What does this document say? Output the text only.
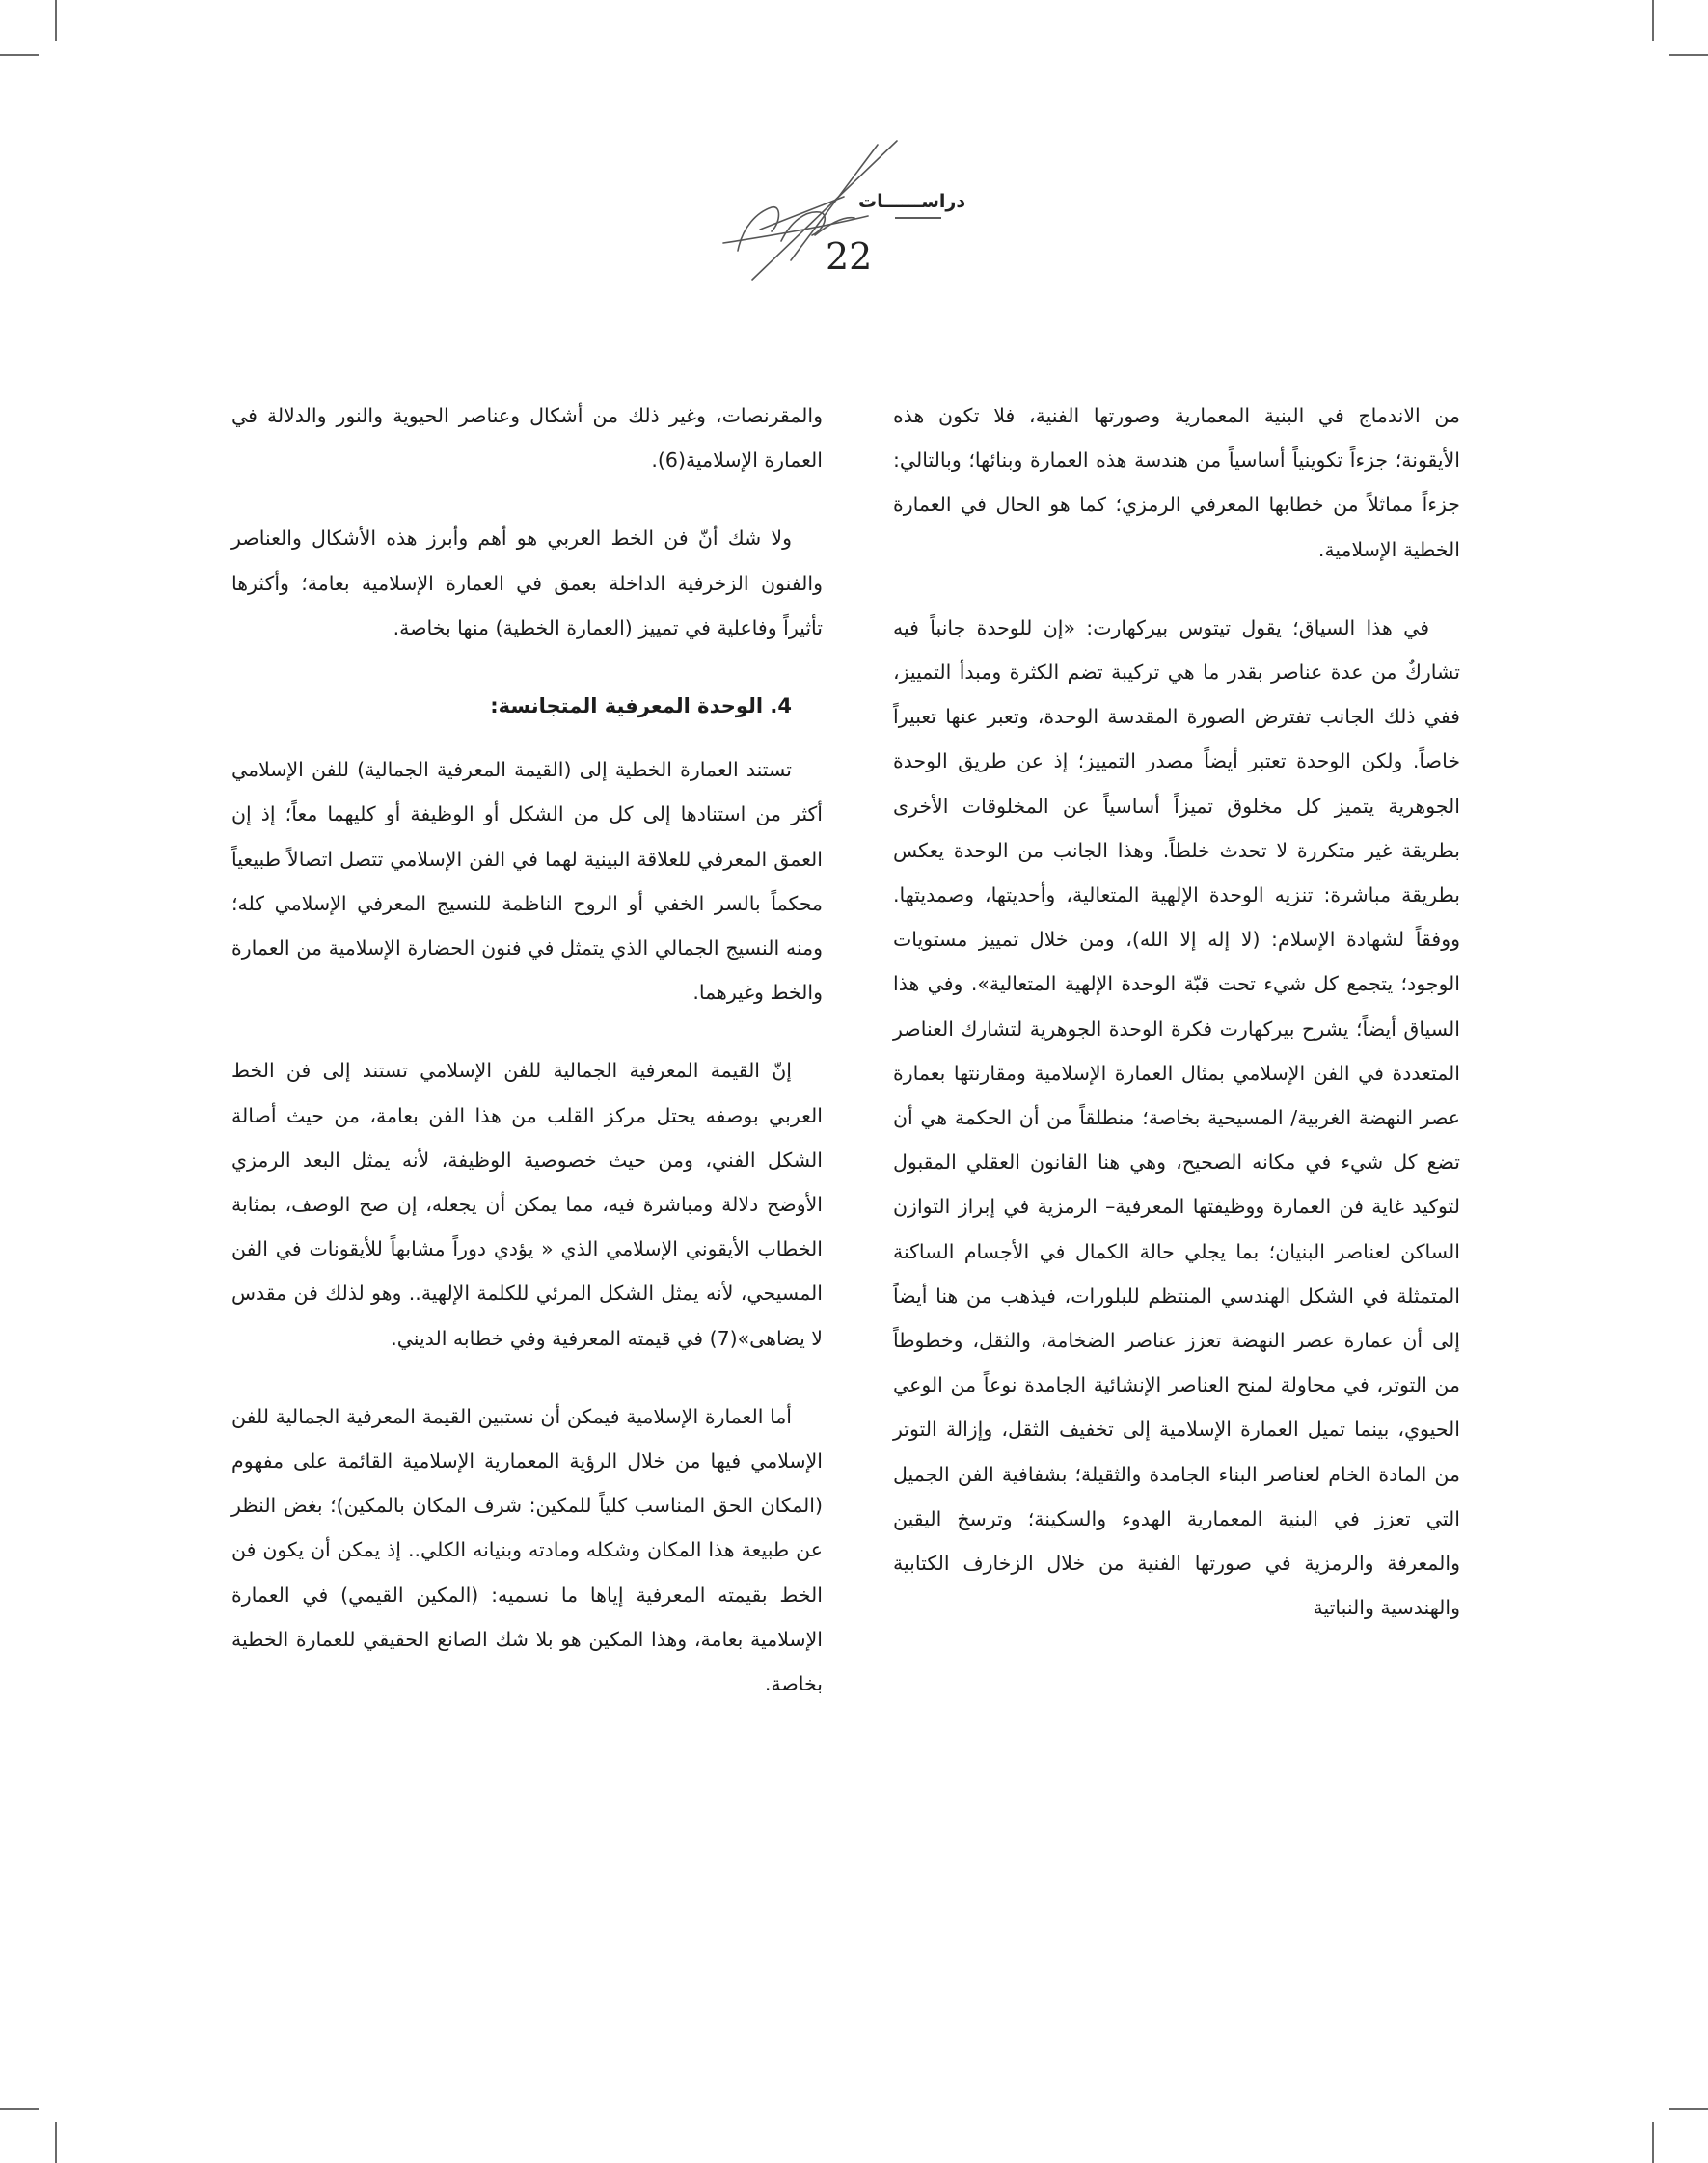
دراســــــات
22

من الاندماج في البنية المعمارية وصورتها الفنية، فلا تكون هذه الأيقونة؛ جزءاً تكوينياً أساسياً من هندسة هذه العمارة وبنائها؛ وبالتالي: جزءاً مماثلاً من خطابها المعرفي الرمزي؛ كما هو الحال في العمارة الخطية الإسلامية.

في هذا السياق؛ يقول تيتوس بيركهارت: «إن للوحدة جانباً فيه تشاركٌ من عدة عناصر بقدر ما هي تركيبة تضم الكثرة ومبدأ التمييز، ففي ذلك الجانب تفترض الصورة المقدسة الوحدة، وتعبر عنها تعبيراً خاصاً. ولكن الوحدة تعتبر أيضاً مصدر التمييز؛ إذ عن طريق الوحدة الجوهرية يتميز كل مخلوق تميزاً أساسياً عن المخلوقات الأخرى بطريقة غير متكررة لا تحدث خلطاً. وهذا الجانب من الوحدة يعكس بطريقة مباشرة: تنزيه الوحدة الإلهية المتعالية، وأحديتها، وصمديتها. ووفقاً لشهادة الإسلام: (لا إله إلا الله)، ومن خلال تمييز مستويات الوجود؛ يتجمع كل شيء تحت قبّة الوحدة الإلهية المتعالية». وفي هذا السياق أيضاً؛ يشرح بيركهارت فكرة الوحدة الجوهرية لتشارك العناصر المتعددة في الفن الإسلامي بمثال العمارة الإسلامية ومقارنتها بعمارة عصر النهضة الغربية/ المسيحية بخاصة؛ منطلقاً من أن الحكمة هي أن تضع كل شيء في مكانه الصحيح، وهي هنا القانون العقلي المقبول لتوكيد غاية فن العمارة ووظيفتها المعرفية– الرمزية في إبراز التوازن الساكن لعناصر البنيان؛ بما يجلي حالة الكمال في الأجسام الساكنة المتمثلة في الشكل الهندسي المنتظم للبلورات، فيذهب من هنا أيضاً إلى أن عمارة عصر النهضة تعزز عناصر الضخامة، والثقل، وخطوطاً من التوتر، في محاولة لمنح العناصر الإنشائية الجامدة نوعاً من الوعي الحيوي، بينما تميل العمارة الإسلامية إلى تخفيف الثقل، وإزالة التوتر من المادة الخام لعناصر البناء الجامدة والثقيلة؛ بشفافية الفن الجميل التي تعزز في البنية المعمارية الهدوء والسكينة؛ وترسخ اليقين والمعرفة والرمزية في صورتها الفنية من خلال الزخارف الكتابية والهندسية والنباتية

والمقرنصات، وغير ذلك من أشكال وعناصر الحيوية والنور والدلالة في العمارة الإسلامية(6).

ولا شك أنّ فن الخط العربي هو أهم وأبرز هذه الأشكال والعناصر والفنون الزخرفية الداخلة بعمق في العمارة الإسلامية بعامة؛ وأكثرها تأثيراً وفاعلية في تمييز (العمارة الخطية) منها بخاصة.

4. الوحدة المعرفية المتجانسة:

تستند العمارة الخطية إلى (القيمة المعرفية الجمالية) للفن الإسلامي أكثر من استنادها إلى كل من الشكل أو الوظيفة أو كليهما معاً؛ إذ إن العمق المعرفي للعلاقة البينية لهما في الفن الإسلامي تتصل اتصالاً طبيعياً محكماً بالسر الخفي أو الروح الناظمة للنسيج المعرفي الإسلامي كله؛ ومنه النسيج الجمالي الذي يتمثل في فنون الحضارة الإسلامية من العمارة والخط وغيرهما.

إنّ القيمة المعرفية الجمالية للفن الإسلامي تستند إلى فن الخط العربي بوصفه يحتل مركز القلب من هذا الفن بعامة، من حيث أصالة الشكل الفني، ومن حيث خصوصية الوظيفة، لأنه يمثل البعد الرمزي الأوضح دلالة ومباشرة فيه، مما يمكن أن يجعله، إن صح الوصف، بمثابة الخطاب الأيقوني الإسلامي الذي « يؤدي دوراً مشابهاً للأيقونات في الفن المسيحي، لأنه يمثل الشكل المرئي للكلمة الإلهية.. وهو لذلك فن مقدس لا يضاهى»(7) في قيمته المعرفية وفي خطابه الديني.

أما العمارة الإسلامية فيمكن أن نستبين القيمة المعرفية الجمالية للفن الإسلامي فيها من خلال الرؤية المعمارية الإسلامية القائمة على مفهوم (المكان الحق المناسب كلياً للمكين: شرف المكان بالمكين)؛ بغض النظر عن طبيعة هذا المكان وشكله ومادته وبنيانه الكلي.. إذ يمكن أن يكون فن الخط بقيمته المعرفية إياها ما نسميه: (المكين القيمي) في العمارة الإسلامية بعامة، وهذا المكين هو بلا شك الصانع الحقيقي للعمارة الخطية بخاصة.
